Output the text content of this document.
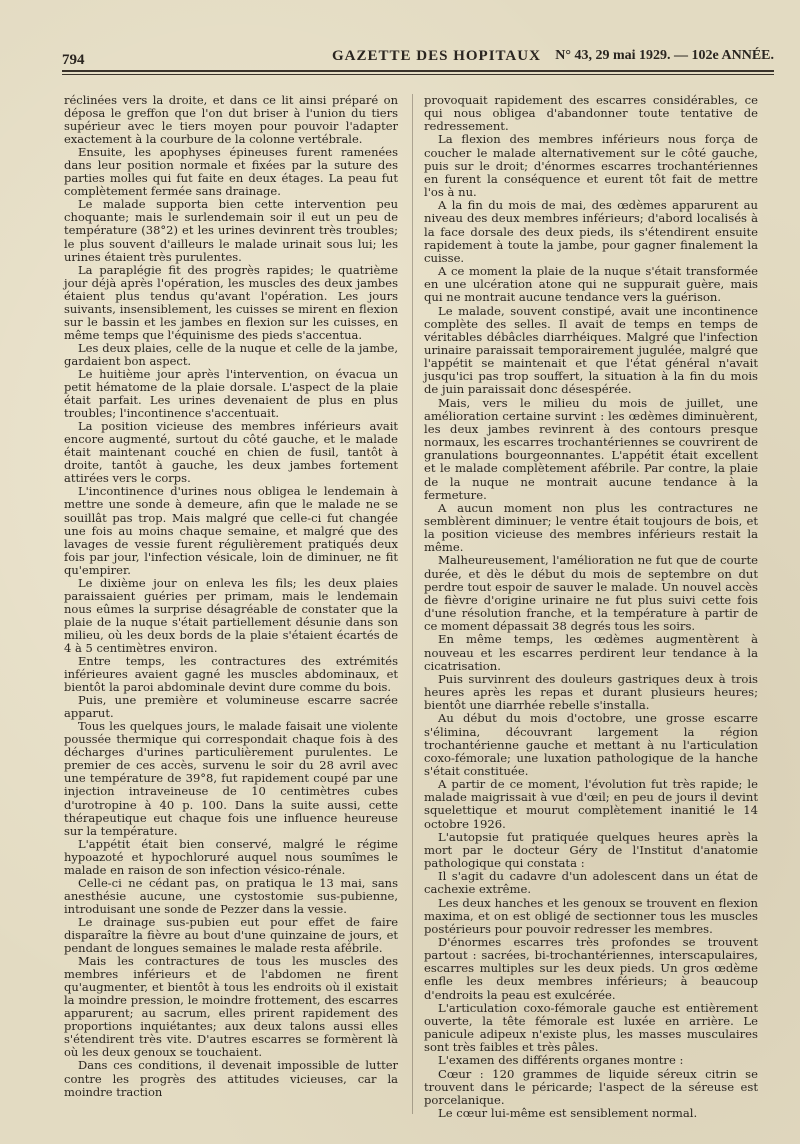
794	GAZETTE DES HOPITAUX N° 43, 29 mai 1929. — 102e ANNÉE.

réclinées vers la droite, et dans ce lit ainsi préparé on déposa le greffon que l'on dut briser à l'union du tiers supérieur avec le tiers moyen pour pouvoir l'adapter exactement à la courbure de la colonne vertébrale.

Ensuite, les apophyses épineuses furent ramenées dans leur position normale et fixées par la suture des parties molles qui fut faite en deux étages. La peau fut complètement fermée sans drainage.

Le malade supporta bien cette intervention peu choquante; mais le surlendemain soir il eut un peu de température (38°2) et les urines devinrent très troubles; le plus souvent d'ailleurs le malade urinait sous lui; les urines étaient très purulentes.

La paraplégie fit des progrès rapides; le quatrième jour déjà après l'opération, les muscles des deux jambes étaient plus tendus qu'avant l'opération. Les jours suivants, insensiblement, les cuisses se mirent en flexion sur le bassin et les jambes en flexion sur les cuisses, en même temps que l'équinisme des pieds s'accentua.

Les deux plaies, celle de la nuque et celle de la jambe, gardaient bon aspect.

Le huitième jour après l'intervention, on évacua un petit hématome de la plaie dorsale. L'aspect de la plaie était parfait. Les urines devenaient de plus en plus troubles; l'incontinence s'accentuait.

La position vicieuse des membres inférieurs avait encore augmenté, surtout du côté gauche, et le malade était maintenant couché en chien de fusil, tantôt à droite, tantôt à gauche, les deux jambes fortement attirées vers le corps.

L'incontinence d'urines nous obligea le lendemain à mettre une sonde à demeure, afin que le malade ne se souillât pas trop. Mais malgré que celle-ci fut changée une fois au moins chaque semaine, et malgré que des lavages de vessie furent régulièrement pratiqués deux fois par jour, l'infection vésicale, loin de diminuer, ne fit qu'empirer.

Le dixième jour on enleva les fils; les deux plaies paraissaient guéries per primam, mais le lendemain nous eûmes la surprise désagréable de constater que la plaie de la nuque s'était partiellement désunie dans son milieu, où les deux bords de la plaie s'étaient écartés de 4 à 5 centimètres environ.

Entre temps, les contractures des extrémités inférieures avaient gagné les muscles abdominaux, et bientôt la paroi abdominale devint dure comme du bois.

Puis, une première et volumineuse escarre sacrée apparut.

Tous les quelques jours, le malade faisait une violente poussée thermique qui correspondait chaque fois à des décharges d'urines particulièrement purulentes. Le premier de ces accès, survenu le soir du 28 avril avec une température de 39°8, fut rapidement coupé par une injection intraveineuse de 10 centimètres cubes d'urotropine à 40 p. 100. Dans la suite aussi, cette thérapeutique eut chaque fois une influence heureuse sur la température.

L'appétit était bien conservé, malgré le régime hypoazoté et hypochloruré auquel nous soumîmes le malade en raison de son infection vésico-rénale.

Celle-ci ne cédant pas, on pratiqua le 13 mai, sans anesthésie aucune, une cystostomie sus-pubienne, introduisant une sonde de Pezzer dans la vessie.

Le drainage sus-pubien eut pour effet de faire disparaître la fièvre au bout d'une quinzaine de jours, et pendant de longues semaines le malade resta afébrile.

Mais les contractures de tous les muscles des membres inférieurs et de l'abdomen ne firent qu'augmenter, et bientôt à tous les endroits où il existait la moindre pression, le moindre frottement, des escarres apparurent; au sacrum, elles prirent rapidement des proportions inquiétantes; aux deux talons aussi elles s'étendirent très vite. D'autres escarres se formèrent là où les deux genoux se touchaient.

Dans ces conditions, il devenait impossible de lutter contre les progrès des attitudes vicieuses, car la moindre traction

provoquait rapidement des escarres considérables, ce qui nous obligea d'abandonner toute tentative de redressement.

La flexion des membres inférieurs nous força de coucher le malade alternativement sur le côté gauche, puis sur le droit; d'énormes escarres trochantériennes en furent la conséquence et eurent tôt fait de mettre l'os à nu.

A la fin du mois de mai, des œdèmes apparurent au niveau des deux membres inférieurs; d'abord localisés à la face dorsale des deux pieds, ils s'étendirent ensuite rapidement à toute la jambe, pour gagner finalement la cuisse.

A ce moment la plaie de la nuque s'était transformée en une ulcération atone qui ne suppurait guère, mais qui ne montrait aucune tendance vers la guérison.

Le malade, souvent constipé, avait une incontinence complète des selles. Il avait de temps en temps de véritables débâcles diarrhéiques. Malgré que l'infection urinaire paraissait temporairement jugulée, malgré que l'appétit se maintenait et que l'état général n'avait jusqu'ici pas trop souffert, la situation à la fin du mois de juin paraissait donc désespérée.

Mais, vers le milieu du mois de juillet, une amélioration certaine survint : les œdèmes diminuèrent, les deux jambes revinrent à des contours presque normaux, les escarres trochantériennes se couvrirent de granulations bourgeonnantes. L'appétit était excellent et le malade complètement afébrile. Par contre, la plaie de la nuque ne montrait aucune tendance à la fermeture.

A aucun moment non plus les contractures ne semblèrent diminuer; le ventre était toujours de bois, et la position vicieuse des membres inférieurs restait la même.

Malheureusement, l'amélioration ne fut que de courte durée, et dès le début du mois de septembre on dut perdre tout espoir de sauver le malade. Un nouvel accès de fièvre d'origine urinaire ne fut plus suivi cette fois d'une résolution franche, et la température à partir de ce moment dépassait 38 degrés tous les soirs.

En même temps, les œdèmes augmentèrent à nouveau et les escarres perdirent leur tendance à la cicatrisation.

Puis survinrent des douleurs gastriques deux à trois heures après les repas et durant plusieurs heures; bientôt une diarrhée rebelle s'installa.

Au début du mois d'octobre, une grosse escarre s'élimina, découvrant largement la région trochantérienne gauche et mettant à nu l'articulation coxo-fémorale; une luxation pathologique de la hanche s'était constituée.

A partir de ce moment, l'évolution fut très rapide; le malade maigrissait à vue d'œil; en peu de jours il devint squelettique et mourut complètement inanitié le 14 octobre 1926.

L'autopsie fut pratiquée quelques heures après la mort par le docteur Géry de l'Institut d'anatomie pathologique qui constata :

Il s'agit du cadavre d'un adolescent dans un état de cachexie extrême.

Les deux hanches et les genoux se trouvent en flexion maxima, et on est obligé de sectionner tous les muscles postérieurs pour pouvoir redresser les membres.

D'énormes escarres très profondes se trouvent partout : sacrées, bi-trochantériennes, interscapulaires, escarres multiples sur les deux pieds. Un gros œdème enfle les deux membres inférieurs; à beaucoup d'endroits la peau est exulcérée.

L'articulation coxo-fémorale gauche est entièrement ouverte, la tête fémorale est luxée en arrière. Le panicule adipeux n'existe plus, les masses musculaires sont très faibles et très pâles.

L'examen des différents organes montre :

Cœur : 120 grammes de liquide séreux citrin se trouvent dans le péricarde; l'aspect de la séreuse est porcelanique.

Le cœur lui-même est sensiblement normal.
